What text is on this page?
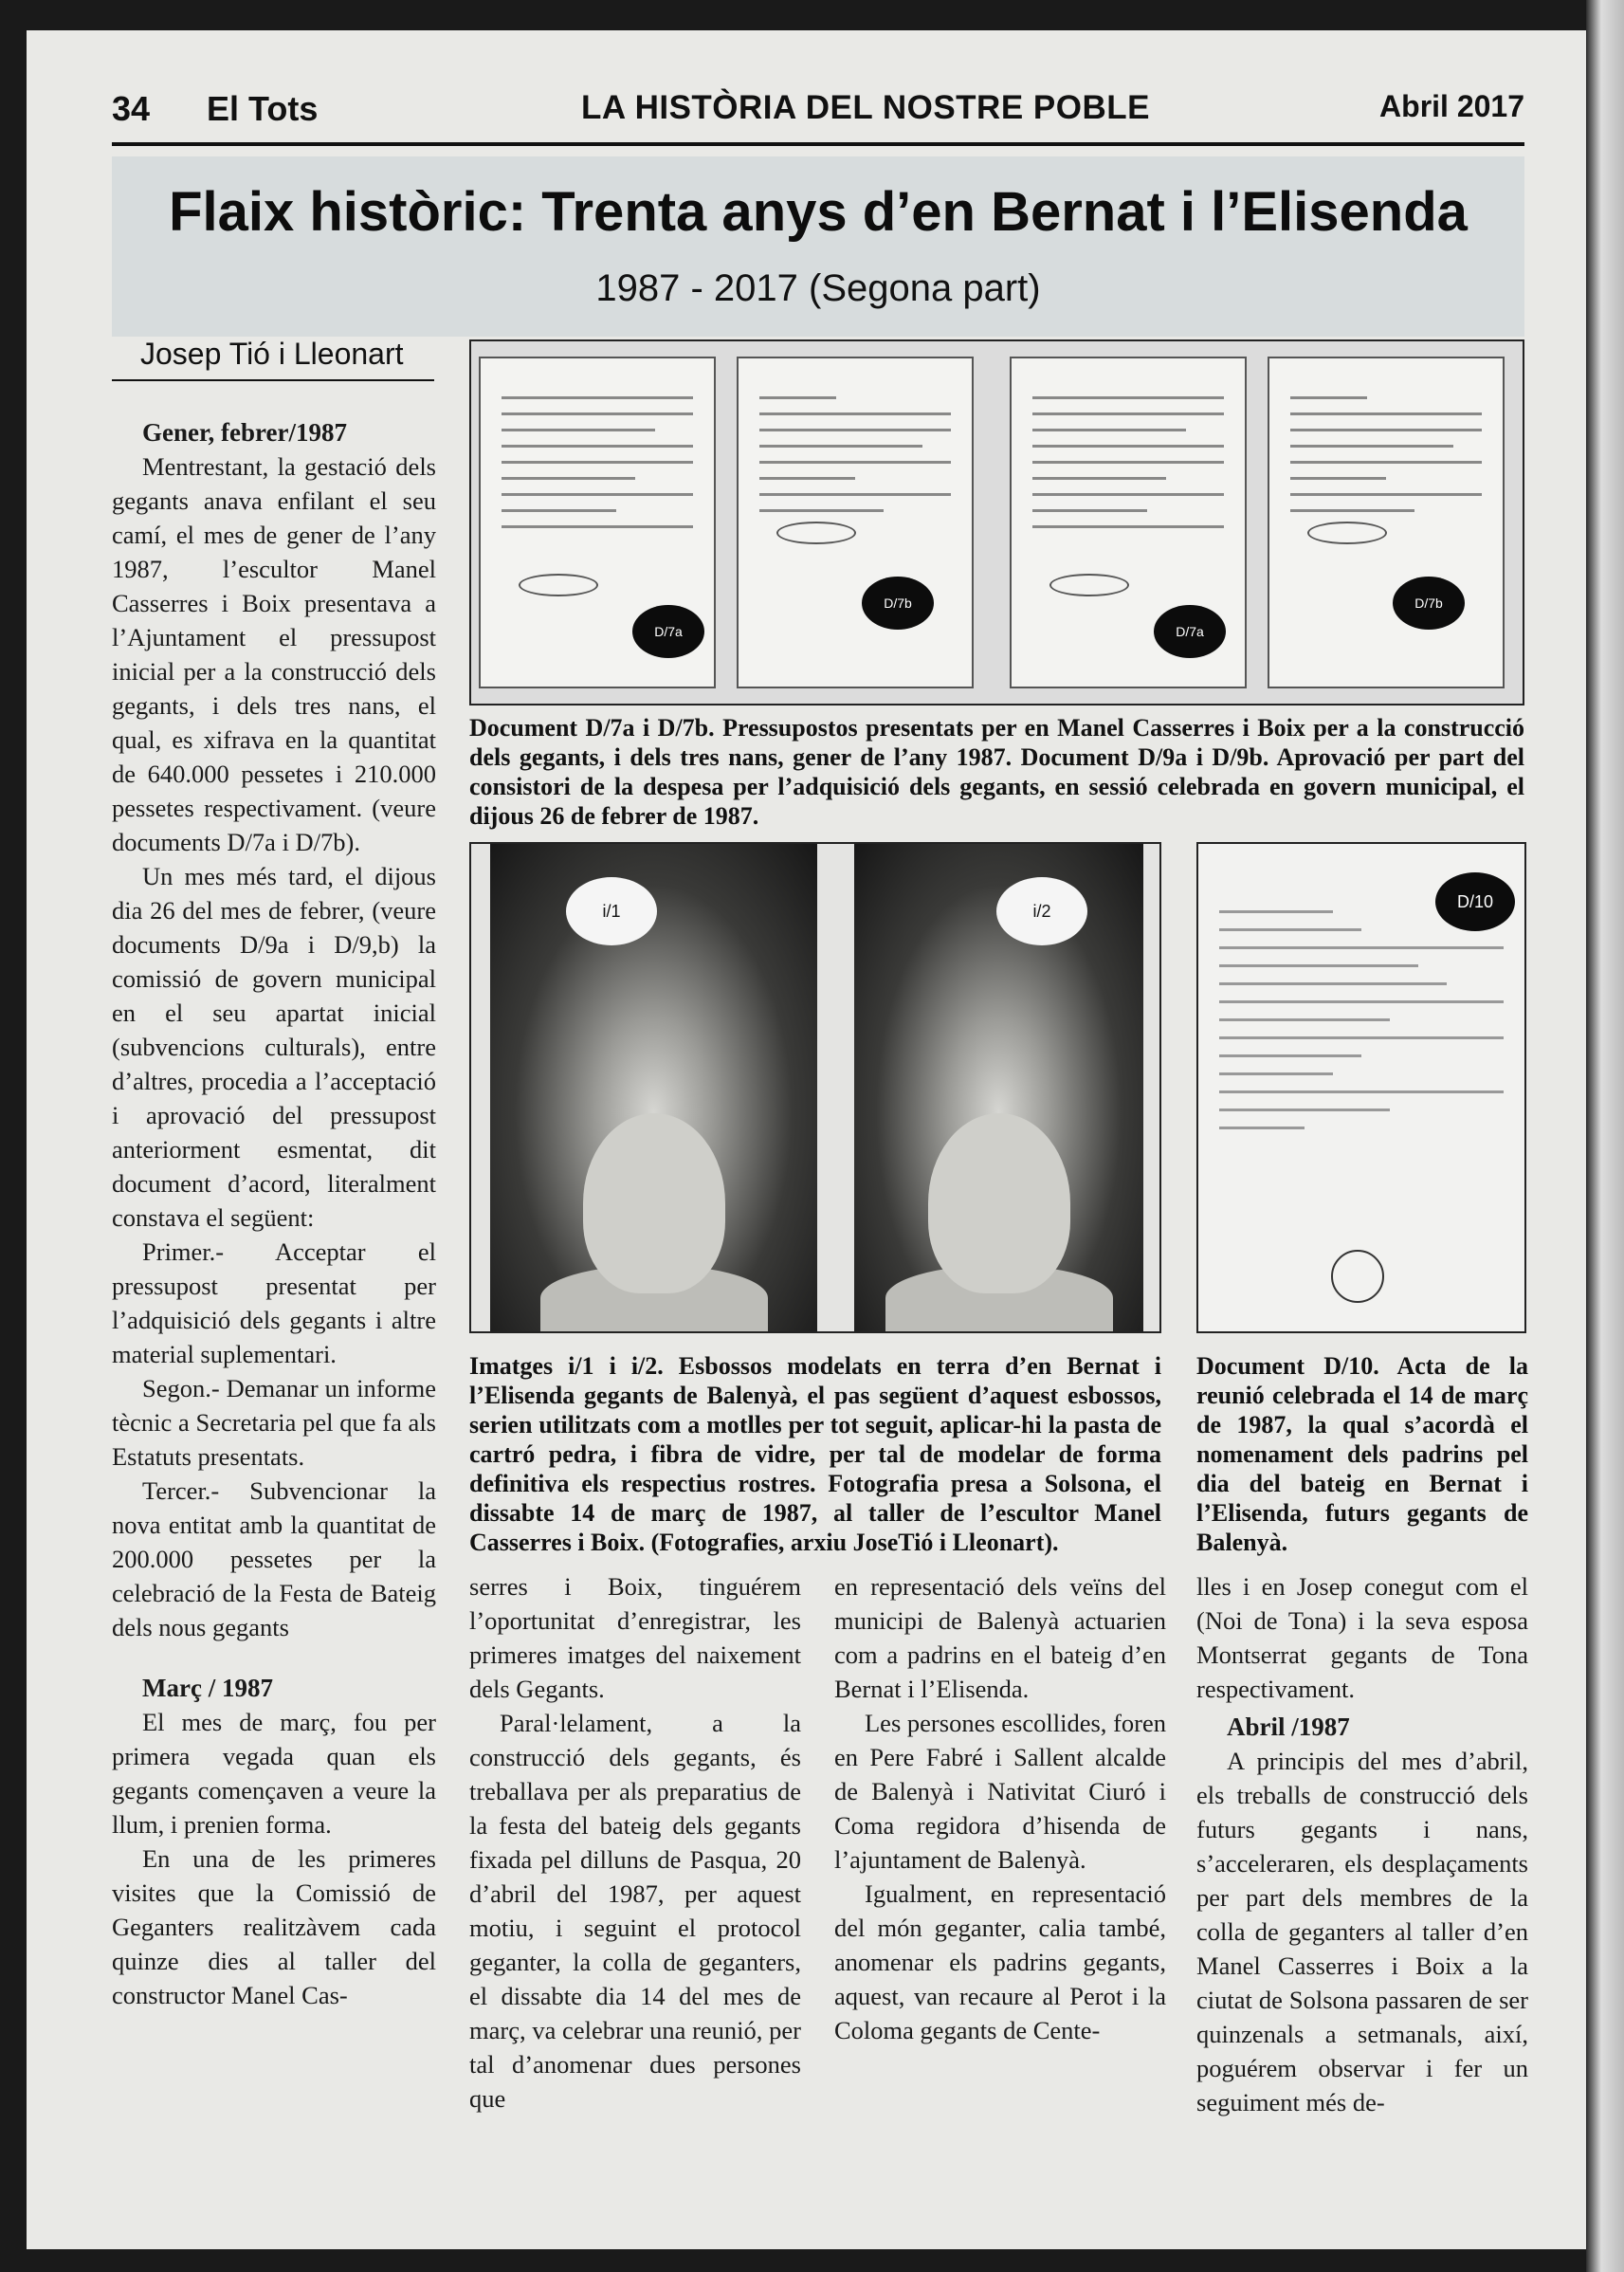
34 El Tots	LA HISTÒRIA DEL NOSTRE POBLE	Abril 2017
Flaix històric: Trenta anys d’en Bernat i l’Elisenda
1987 - 2017 (Segona part)
Josep Tió i Lleonart
D/7a
D/7b
D/7a
D/7b
Document D/7a i D/7b. Pressupostos presentats per en Manel Casserres i Boix per a la construcció dels gegants, i dels tres nans, gener de l’any 1987. Document D/9a i D/9b. Aprovació per part del consistori de la despesa per l’adquisició dels gegants, en sessió celebrada en govern municipal, el dijous 26 de febrer de 1987.
i/1	i/2
Imatges i/1 i i/2. Esbossos modelats en terra d’en Bernat i l’Elisenda gegants de Balenyà, el pas següent d’aquest esbossos, serien utilitzats com a motlles per tot seguit, aplicar-hi la pasta de cartró pedra, i fibra de vidre, per tal de modelar de forma definitiva els respectius rostres. Fotografia presa a Solsona, el dissabte 14 de març de 1987, al taller de l’escultor Manel Casserres i Boix. (Fotografies, arxiu JoseTió i Lleonart).
D/10
Document D/10. Acta de la reunió celebrada el 14 de març de 1987, la qual s’acordà el nomenament dels padrins pel dia del bateig en Bernat i l’Elisenda, futurs gegants de Balenyà.
Gener, febrer/1987

Mentrestant, la gestació dels gegants anava enfilant el seu camí, el mes de gener de l’any 1987, l’escultor Manel Casserres i Boix presentava a l’Ajuntament el pressupost inicial per a la construcció dels gegants, i dels tres nans, el qual, es xifrava en la quantitat de 640.000 pessetes i 210.000 pessetes respectivament. (veure documents D/7a i D/7b).

Un mes més tard, el dijous dia 26 del mes de febrer, (veure documents D/9a i D/9,b) la comissió de govern municipal en el seu apartat inicial (subvencions culturals), entre d’altres, procedia a l’acceptació i aprovació del pressupost anteriorment esmentat, dit document d’acord, literalment constava el següent:

Primer.- Acceptar el pressupost presentat per l’adquisició dels gegants i altre material suplementari.

Segon.- Demanar un informe tècnic a Secretaria pel que fa als Estatuts presentats.

Tercer.- Subvencionar la nova entitat amb la quantitat de 200.000 pessetes per la celebració de la Festa de Bateig dels nous gegants

Març / 1987

El mes de març, fou per primera vegada quan els gegants començaven a veure la llum, i prenien forma.

En una de les primeres visites que la Comissió de Geganters realitzàvem cada quinze dies al taller del constructor Manel Cas-

serres i Boix, tinguérem l’oportunitat d’enregistrar, les primeres imatges del naixement dels Gegants.

Paral·lelament, a la construcció dels gegants, és treballava per als preparatius de la festa del bateig dels gegants fixada pel dilluns de Pasqua, 20 d’abril del 1987, per aquest motiu, i seguint el protocol geganter, la colla de geganters, el dissabte dia 14 del mes de març, va celebrar una reunió, per tal d’anomenar dues persones que

en representació dels veïns del municipi de Balenyà actuarien com a padrins en el bateig d’en Bernat i l’Elisenda.

Les persones escollides, foren en Pere Fabré i Sallent alcalde de Balenyà i Nativitat Ciuró i Coma regidora d’hisenda de l’ajuntament de Balenyà.

Igualment, en representació del món geganter, calia també, anomenar els padrins gegants, aquest, van recaure al Perot i la Coloma gegants de Cente-

lles i en Josep conegut com el (Noi de Tona) i la seva esposa Montserrat gegants de Tona respectivament.

Abril /1987

A principis del mes d’abril, els treballs de construcció dels futurs gegants i nans, s’acceleraren, els desplaçaments per part dels membres de la colla de geganters al taller d’en Manel Casserres i Boix a la ciutat de Solsona passaren de ser quinzenals a setmanals, així, poguérem observar i fer un seguiment més de-
